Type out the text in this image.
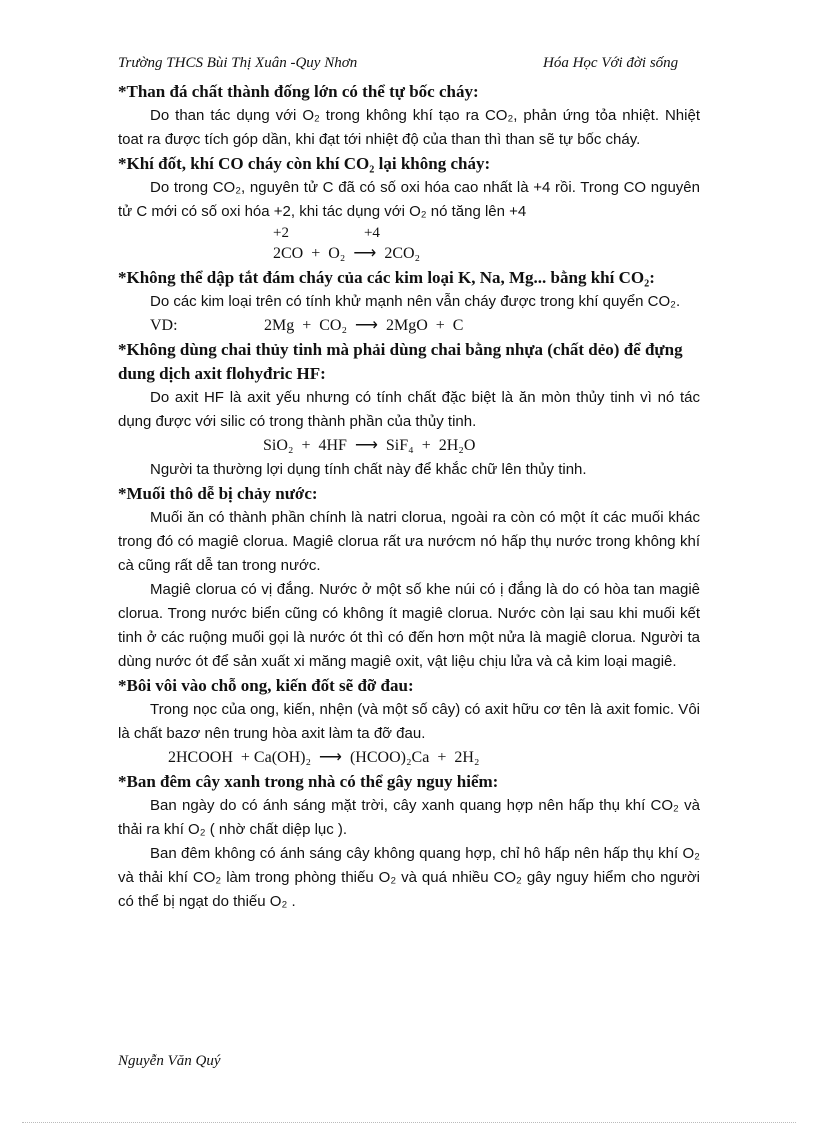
Trường THCS Bùi Thị Xuân -Quy Nhơn	Hóa Học Với đời sống

*Than đá chất thành đống lớn có thể tự bốc cháy:

Do than tác dụng với O₂ trong không khí tạo ra CO₂, phản ứng tỏa nhiệt. Nhiệt toat ra được tích góp dần, khi đạt tới nhiệt độ của than thì than sẽ tự bốc cháy.

*Khí đốt, khí CO cháy còn khí CO₂ lại không cháy:

Do trong CO₂, nguyên tử C đã có số oxi hóa cao nhất là +4 rồi. Trong CO nguyên tử C mới có số oxi hóa +2, khi tác dụng với O₂ nó tăng lên +4

+2                    +4

2CO  +  O₂  ⟶  2CO₂

*Không thể dập tắt đám cháy của các kim loại K, Na, Mg... bằng khí CO₂:

Do các kim loại trên có tính khử mạnh nên vẫn cháy được trong khí quyển CO₂.

VD:	2Mg  +  CO₂  ⟶  2MgO  +  C

*Không dùng chai thủy tinh mà phải dùng chai bằng nhựa (chất dẻo) để đựng dung dịch axit flohyđric HF:

Do axit HF là axit yếu nhưng có tính chất đặc biệt là ăn mòn thủy tinh vì nó tác dụng được với silic có trong thành phần của thủy tinh.

SiO₂  +  4HF  ⟶  SiF₄  +  2H₂O

Người ta thường lợi dụng tính chất này để khắc chữ lên thủy tinh.

*Muối thô dễ bị chảy nước:

Muối ăn có thành phần chính là natri clorua, ngoài ra còn có một ít các muối khác trong đó có magiê clorua. Magiê clorua rất ưa nướcm nó hấp thụ nước trong không khí cà cũng rất dễ tan trong nước.

Magiê clorua có vị đắng. Nước ở một số khe núi có ị đắng là do có hòa tan magiê clorua. Trong nước biển cũng có không ít magiê clorua. Nước còn lại sau khi muối kết tinh ở các ruộng muối gọi là nước ót thì có đến hơn một nửa là magiê clorua. Người ta dùng nước ót để sản xuất xi măng magiê oxit, vật liệu chịu lửa và cả kim loại magiê.

*Bôi vôi vào chỗ ong, kiến đốt sẽ đỡ đau:

Trong nọc của ong, kiến, nhện (và một số cây) có axit hữu cơ tên là axit fomic. Vôi là chất bazơ nên trung hòa axit làm ta đỡ đau.

2HCOOH  + Ca(OH)₂  ⟶  (HCOO)₂Ca  +  2H₂

*Ban đêm cây xanh trong nhà có thể gây nguy hiểm:

Ban ngày do có ánh sáng mặt trời, cây xanh quang hợp nên hấp thụ khí CO₂ và thải ra khí O₂ ( nhờ chất diệp lục ).

Ban đêm không có ánh sáng cây không quang hợp, chỉ hô hấp nên hấp thụ khí O₂ và thải khí CO₂ làm trong phòng thiếu O₂ và quá nhiều CO₂ gây nguy hiểm cho người có thể bị ngạt do thiếu O₂ .

Nguyễn Văn Quý
